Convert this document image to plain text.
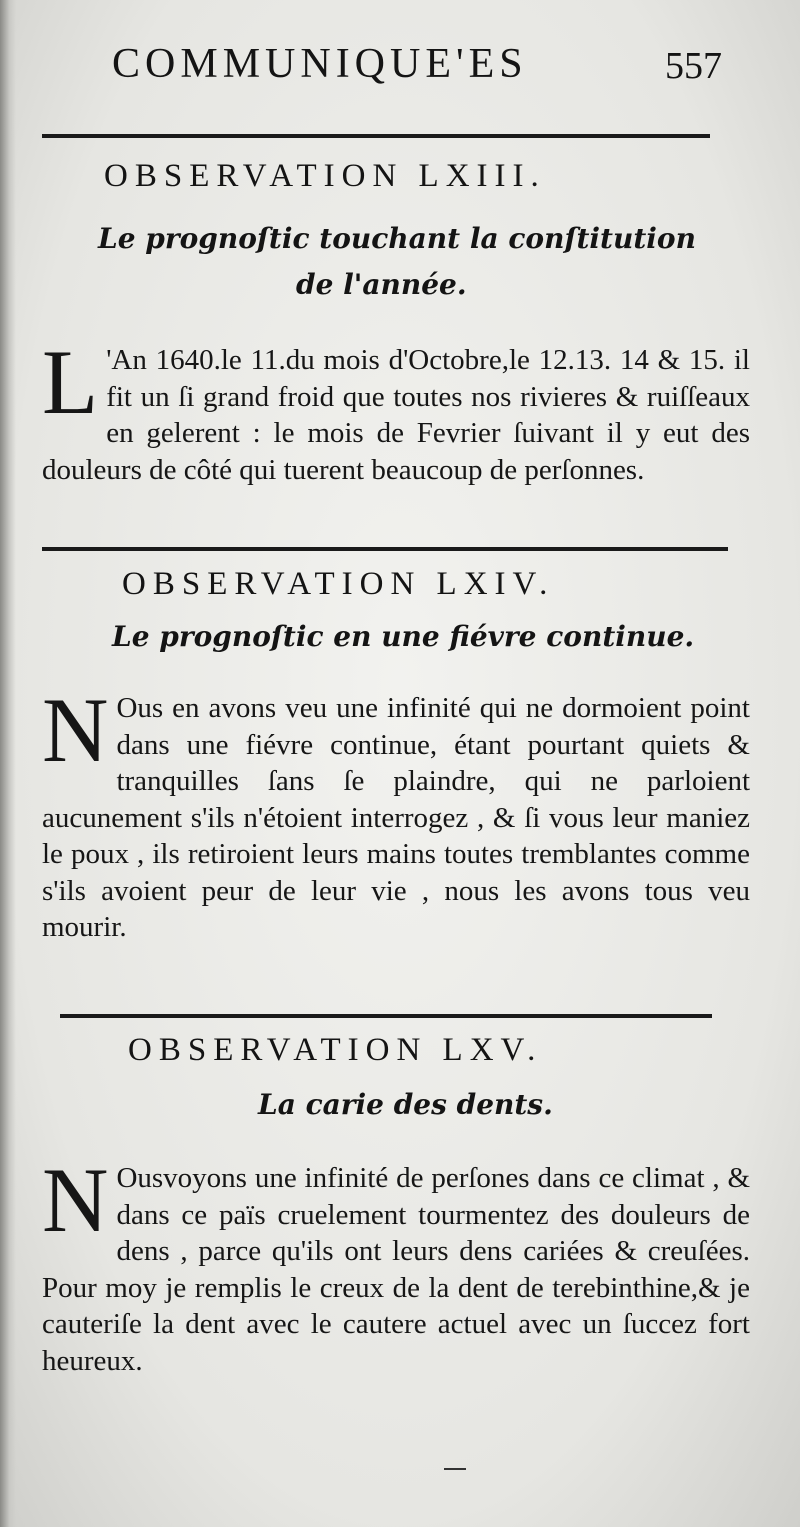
COMMUNIQUE'ES	557
OBSERVATION LXIII.
Le prognoſtic touchant la conſtitution
de l'année.
L 'An 1640.le 11.du mois d'Octobre,le 12.13. 14 & 15. il fit un ſi grand froid que toutes nos rivieres & ruiſſeaux en gelerent : le mois de Fevrier ſuivant il y eut des douleurs de côté qui tuerent beaucoup de perſonnes.
OBSERVATION LXIV.
Le prognoſtic en une fiévre continue.
N Ous en avons veu une infinité qui ne dormoient point dans une fiévre continue, étant pourtant quiets & tranquilles ſans ſe plaindre, qui ne parloient aucunement s'ils n'étoient interrogez , & ſi vous leur maniez le poux , ils retiroient leurs mains toutes tremblantes comme s'ils avoient peur de leur vie , nous les avons tous veu mourir.
OBSERVATION LXV.
La carie des dents.
N Ousvoyons une infinité de perſones dans ce climat , & dans ce païs cruelement tourmentez des douleurs de dens , parce qu'ils ont leurs dens cariées & creuſées. Pour moy je remplis le creux de la dent de terebinthine,& je cauteriſe la dent avec le cautere actuel avec un ſuccez fort heureux.
